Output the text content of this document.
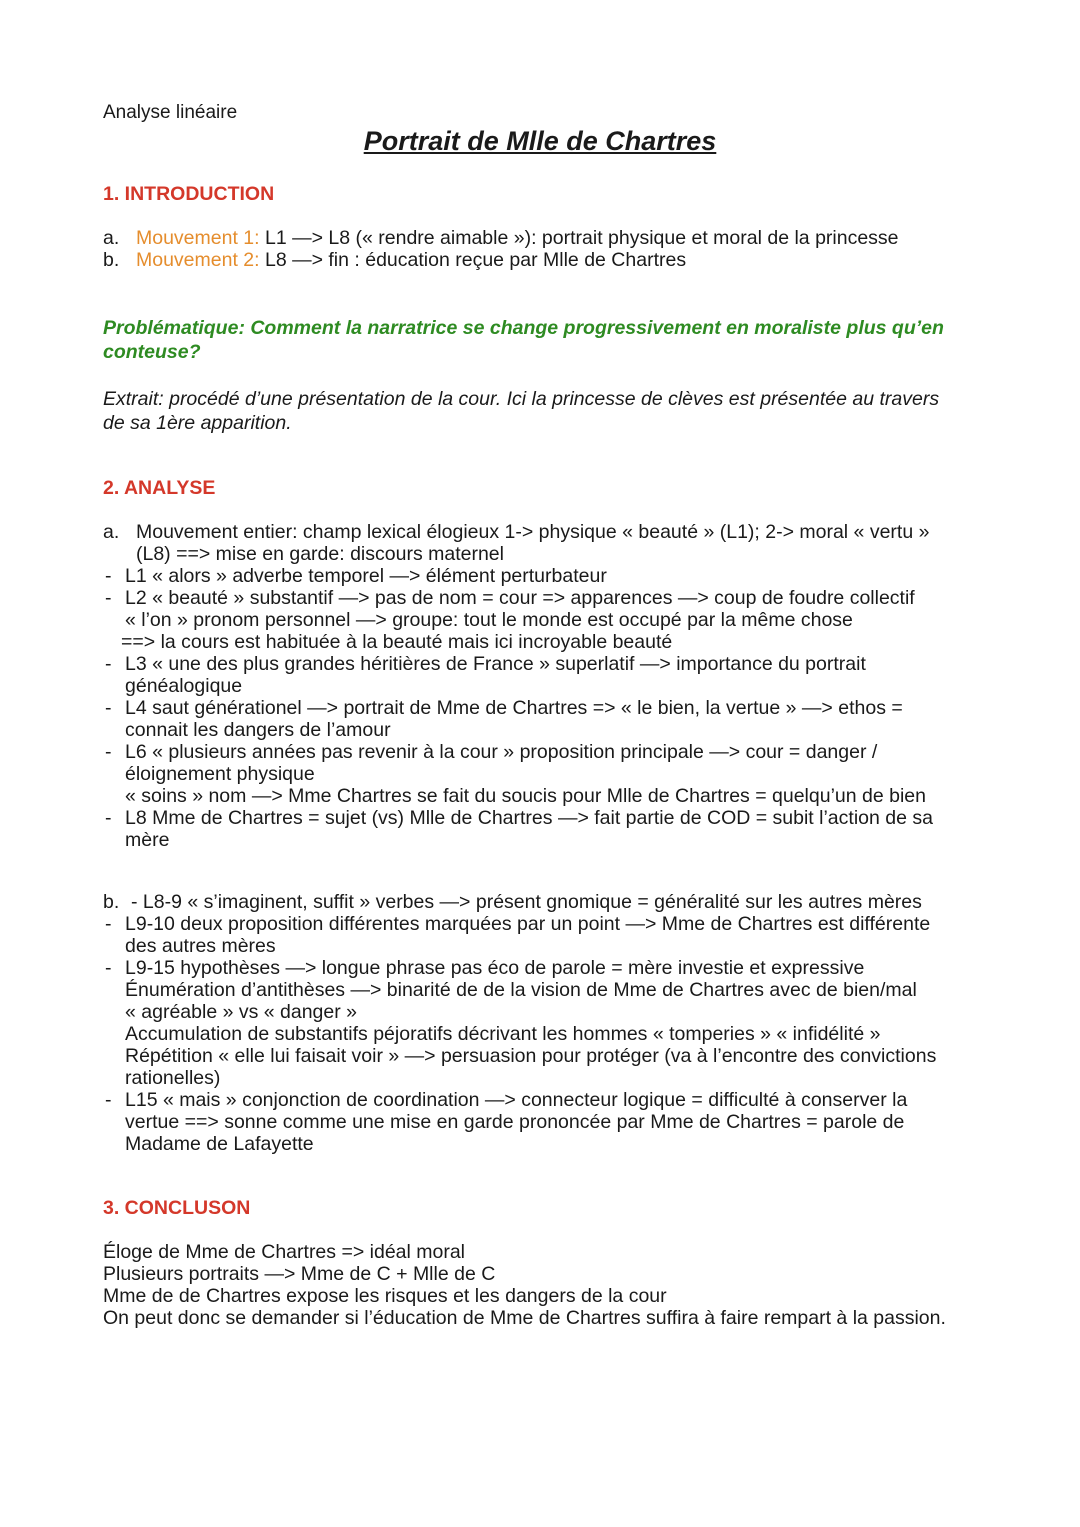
Analyse linéaire
Portrait de Mlle de Chartres
1. INTRODUCTION
a. Mouvement 1: L1 —> L8 (« rendre aimable »): portrait physique et moral de la princesse
b. Mouvement 2: L8 —> fin : éducation reçue par Mlle de Chartres
Problématique: Comment la narratrice se change progressivement en moraliste plus qu’en
conteuse?
Extrait: procédé d’une présentation de la cour. Ici la princesse de clèves est présentée au travers
de sa 1ère apparition.
2. ANALYSE
a. Mouvement entier: champ lexical élogieux 1-> physique « beauté » (L1); 2-> moral « vertu »
(L8) ==> mise en garde: discours maternel
- L1 « alors » adverbe temporel —> élément perturbateur
- L2 « beauté » substantif —> pas de nom = cour => apparences —> coup de foudre collectif
« l’on » pronom personnel —> groupe: tout le monde est occupé par la même chose
==> la cours est habituée à la beauté mais ici incroyable beauté
- L3 « une des plus grandes héritières de France » superlatif —> importance du portrait
généalogique
- L4 saut générationel —> portrait de Mme de Chartres => « le bien, la vertue » —> ethos =
connait les dangers de l’amour
- L6 « plusieurs années pas revenir à la cour » proposition principale —> cour = danger /
éloignement physique
« soins » nom —> Mme Chartres se fait du soucis pour Mlle de Chartres = quelqu’un de bien
- L8 Mme de Chartres = sujet (vs) Mlle de Chartres —> fait partie de COD = subit l’action de sa
mère
b. - L8-9 « s’imaginent, suffit » verbes —> présent gnomique = généralité sur les autres mères
- L9-10 deux proposition différentes marquées par un point —> Mme de Chartres est différente
des autres mères
- L9-15 hypothèses —> longue phrase pas éco de parole = mère investie et expressive
Énumération d’antithèses —> binarité de de la vision de Mme de Chartres avec de bien/mal
« agréable » vs « danger »
Accumulation de substantifs péjoratifs décrivant les hommes « tomperies » « infidélité »
Répétition « elle lui faisait voir » —> persuasion pour protéger (va à l’encontre des convictions
rationelles)
- L15 « mais » conjonction de coordination —> connecteur logique = difficulté à conserver la
vertue ==> sonne comme une mise en garde prononcée par Mme de Chartres = parole de
Madame de Lafayette
3. CONCLUSON
Éloge de Mme de Chartres => idéal moral
Plusieurs portraits —> Mme de C + Mlle de C
Mme de de Chartres expose les risques et les dangers de la cour
On peut donc se demander si l’éducation de Mme de Chartres suffira à faire rempart à la passion.
